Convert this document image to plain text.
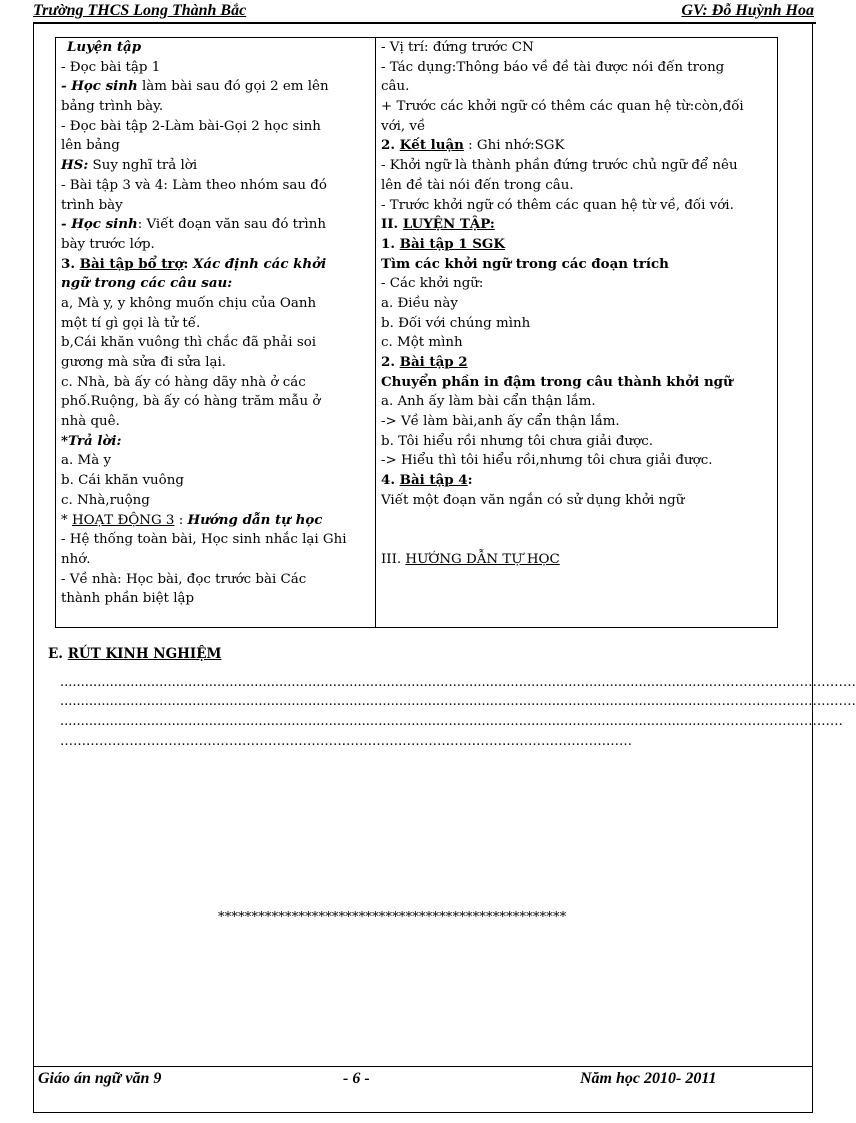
Trường THCS Long Thành Bắc	GV: Đỗ Huỳnh Hoa
Luyện tập
- Đọc bài tập 1
- Học sinh làm bài sau đó gọi 2 em lên
bảng trình bày.
- Đọc bài tập 2-Làm bài-Gọi 2 học sinh
lên bảng
HS: Suy nghĩ trả lời
- Bài tập 3 và 4: Làm theo nhóm sau đó
trình bày
- Học sinh: Viết đoạn văn sau đó trình
bày trước lớp.
3. Bài tập bổ trợ: Xác định các khởi
ngữ trong các câu sau:
a, Mà y, y không muốn chịu của Oanh
một tí gì gọi là tử tế.
b,Cái khăn vuông thì chắc đã phải soi
gương mà sửa đi sửa lại.
c. Nhà, bà ấy có hàng dãy nhà ở các
phố.Ruộng, bà ấy có hàng trăm mẫu ở
nhà quê.
*Trả lời:
a. Mà y
b. Cái khăn vuông
c. Nhà,ruộng
* HOẠT ĐỘNG 3 : Hướng dẫn tự học
- Hệ thống toàn bài, Học sinh nhắc lại Ghi
nhớ.
- Về nhà: Học bài, đọc trước bài Các
thành phần biệt lập
- Vị trí: đứng trước CN
- Tác dụng:Thông báo về đề tài được nói đến trong
câu.
+ Trước các khởi ngữ có thêm các quan hệ từ:còn,đối
với, về
2. Kết luận : Ghi nhớ:SGK
- Khởi ngữ là thành phần đứng trước chủ ngữ để nêu
lên đề tài nói đến trong câu.
- Trước khởi ngữ có thêm các quan hệ từ về, đối với.
II. LUYỆN TẬP:
1. Bài tập 1 SGK
Tìm các khởi ngữ trong các đoạn trích
- Các khởi ngữ:
a. Điều này
b. Đối với chúng mình
c. Một mình
2. Bài tập 2
Chuyển phần in đậm trong câu thành khởi ngữ
a. Anh ấy làm bài cẩn thận lắm.
-> Về làm bài,anh ấy cẩn thận lắm.
b. Tôi hiểu rồi nhưng tôi chưa giải được.
-> Hiểu thì tôi hiểu rồi,nhưng tôi chưa giải được.
4. Bài tập 4:
Viết một đoạn văn ngắn có sử dụng khởi ngữ
III. HƯỚNG DẪN TỰ HỌC
E. RÚT KINH NGHIỆM
..............................................................................................................................................................……………………………
..............................................................................................................................................................……………………………
..............................................................................................................................................................…………………………
……………………………………………………………………………………………………………………
****************************************************
Giáo án ngữ văn 9	- 6 -	Năm học 2010- 2011
